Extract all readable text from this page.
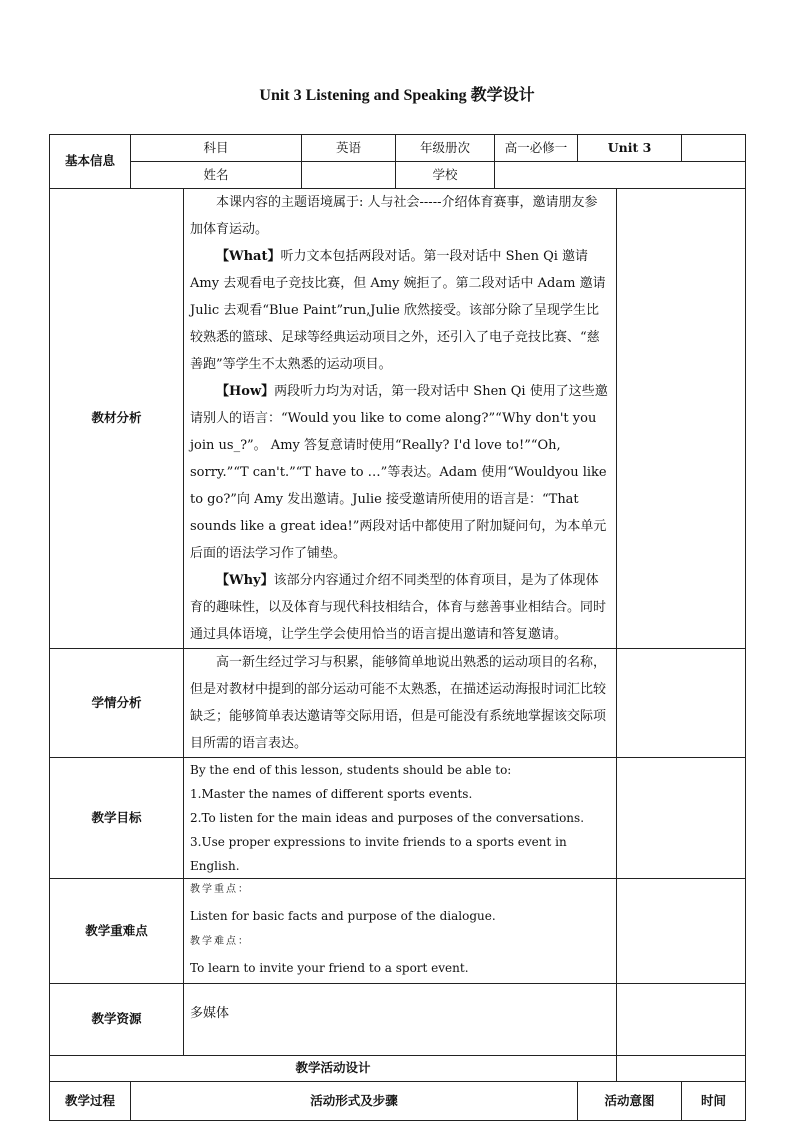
Unit 3 Listening and Speaking 教学设计
基本信息	科目		英语	年级册次	高一必修一	Unit 3		
	姓名			学校				
教材分析		本课内容的主题语境属于: 人与社会-----介绍体育赛事，邀请朋友参加体育运动。

【What】听力文本包括两段对话。第一段对话中 Shen Qi 邀请 Amy 去观看电子竞技比赛，但 Amy 婉拒了。第二段对话中 Adam 邀请 Julic 去观看“Blue Paint”run,Julie 欣然接受。该部分除了呈现学生比较熟悉的篮球、足球等经典运动项目之外，还引入了电子竞技比赛、“慈善跑”等学生不太熟悉的运动项目。

【How】两段听力均为对话，第一段对话中 Shen Qi 使用了这些邀请别人的语言：“Would you like to come along?”“Why don't you join us_?”。 Amy 答复意请时使用“Really? I'd love to!”“Oh, sorry.”“T can't.”“T have to …”等表达。Adam 使用“Wouldyou like to go?”向 Amy 发出邀请。Julie 接受邀请所使用的语言是：“That sounds like a great idea!”两段对话中都使用了附加疑问句，为本单元后面的语法学习作了铺垫。

【Why】该部分内容通过介绍不同类型的体育项目，是为了体现体育的趣味性，以及体育与现代科技相结合，体育与慈善事业相结合。同时通过具体语境，让学生学会使用恰当的语言提出邀请和答复邀请。						

学情分析		高一新生经过学习与积累，能够简单地说出熟悉的运动项目的名称，但是对教材中提到的部分运动可能不太熟悉，在描述运动海报时词汇比较缺乏；能够简单表达邀请等交际用语，但是可能没有系统地掌握该交际项目所需的语言表达。						

教学目标		By the end of this lesson, students should be able to:

1.Master the names of different sports events.

2.To listen for the main ideas and purposes of the conversations.

3.Use proper expressions to invite friends to a sports event in English.						

教学重难点		教学重点：

Listen for basic facts and purpose of the dialogue.

教学难点：

To learn to invite your friend to a sport event.						

教学资源		多媒体						
教学活动设计								
教学过程	活动形式及步骤					活动意图		时间
